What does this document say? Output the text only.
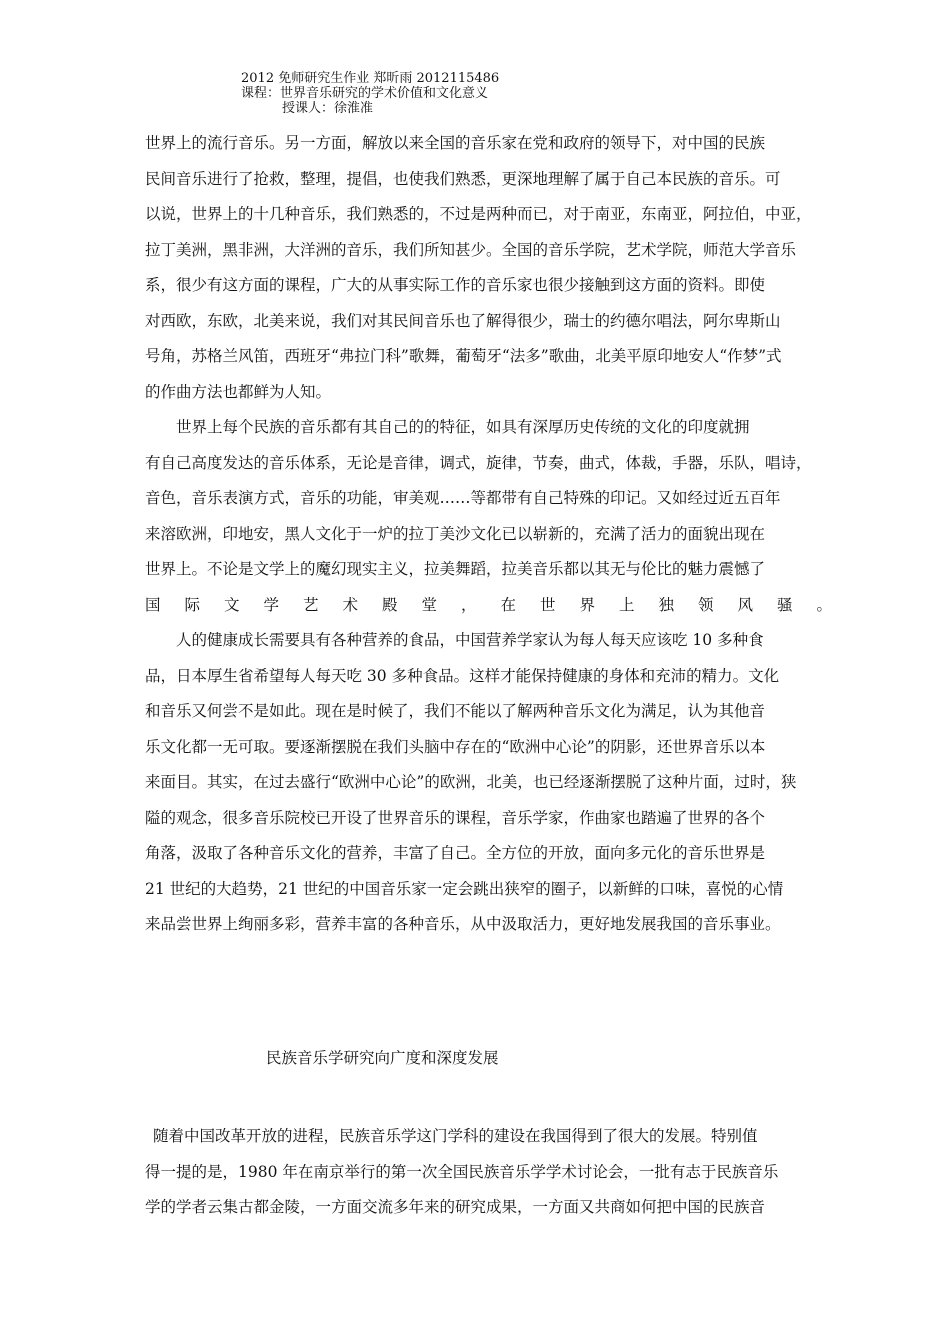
2012 免师研究生作业 郑昕雨 2012115486
课程：世界音乐研究的学术价值和文化意义
授课人：徐淮准
世界上的流行音乐。另一方面，解放以来全国的音乐家在党和政府的领导下，对中国的民族
民间音乐进行了抢救，整理，提倡，也使我们熟悉，更深地理解了属于自己本民族的音乐。可
以说，世界上的十几种音乐，我们熟悉的，不过是两种而已，对于南亚，东南亚，阿拉伯，中亚，
拉丁美洲，黑非洲，大洋洲的音乐，我们所知甚少。全国的音乐学院，艺术学院，师范大学音乐
系，很少有这方面的课程，广大的从事实际工作的音乐家也很少接触到这方面的资料。即使
对西欧，东欧，北美来说，我们对其民间音乐也了解得很少，瑞士的约德尔唱法，阿尔卑斯山
号角，苏格兰风笛，西班牙“弗拉门科”歌舞，葡萄牙“法多”歌曲，北美平原印地安人“作梦”式
的作曲方法也都鲜为人知。
世界上每个民族的音乐都有其自己的的特征，如具有深厚历史传统的文化的印度就拥
有自己高度发达的音乐体系，无论是音律，调式，旋律，节奏，曲式，体裁，手器，乐队，唱诗，
音色，音乐表演方式，音乐的功能，审美观……等都带有自己特殊的印记。又如经过近五百年
来溶欧洲，印地安，黑人文化于一炉的拉丁美沙文化已以崭新的，充满了活力的面貌出现在
世界上。不论是文学上的魔幻现实主义，拉美舞蹈，拉美音乐都以其无与伦比的魅力震憾了
国际文学艺术殿堂，在世界上独领风骚。
人的健康成长需要具有各种营养的食品，中国营养学家认为每人每天应该吃 10 多种食
品，日本厚生省希望每人每天吃 30 多种食品。这样才能保持健康的身体和充沛的精力。文化
和音乐又何尝不是如此。现在是时候了，我们不能以了解两种音乐文化为满足，认为其他音
乐文化都一无可取。要逐渐摆脱在我们头脑中存在的“欧洲中心论”的阴影，还世界音乐以本
来面目。其实，在过去盛行“欧洲中心论”的欧洲，北美，也已经逐渐摆脱了这种片面，过时，狭
隘的观念，很多音乐院校已开设了世界音乐的课程，音乐学家，作曲家也踏遍了世界的各个
角落，汲取了各种音乐文化的营养，丰富了自己。全方位的开放，面向多元化的音乐世界是
21 世纪的大趋势，21 世纪的中国音乐家一定会跳出狭窄的圈子，以新鲜的口味，喜悦的心情
来品尝世界上绚丽多彩，营养丰富的各种音乐，从中汲取活力，更好地发展我国的音乐事业。
民族音乐学研究向广度和深度发展
随着中国改革开放的进程，民族音乐学这门学科的建设在我国得到了很大的发展。特别值
得一提的是，1980 年在南京举行的第一次全国民族音乐学学术讨论会，一批有志于民族音乐
学的学者云集古都金陵，一方面交流多年来的研究成果，一方面又共商如何把中国的民族音
